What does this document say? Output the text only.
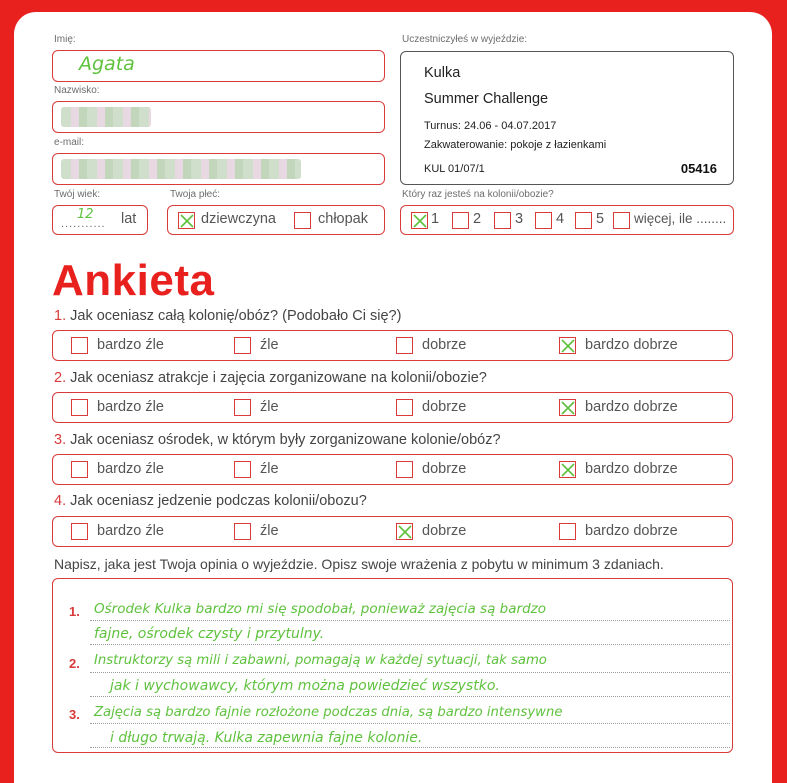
Imię:
Agata
Nazwisko:
e-mail:
Twój wiek:
...........
12 lat
Twoja płeć:
dziewczyna	chłopak
Uczestniczyłeś w wyjeździe:
Kulka
Summer Challenge
Turnus: 24.06 - 04.07.2017
Zakwaterowanie: pokoje z łazienkami
KUL 01/07/1	05416
Który raz jesteś na kolonii/obozie?
1 2 3 4 5 więcej, ile ........
Ankieta
1. Jak oceniasz całą kolonię/obóz? (Podobało Ci się?)
bardzo źle	źle	dobrze	bardzo dobrze
2. Jak oceniasz atrakcje i zajęcia zorganizowane na kolonii/obozie?
bardzo źle	źle	dobrze	bardzo dobrze
3. Jak oceniasz ośrodek, w którym były zorganizowane kolonie/obóz?
bardzo źle	źle	dobrze	bardzo dobrze
4. Jak oceniasz jedzenie podczas kolonii/obozu?
bardzo źle	źle	dobrze	bardzo dobrze
Napisz, jaka jest Twoja opinia o wyjeździe. Opisz swoje wrażenia z pobytu w minimum 3 zdaniach.
1.
2.
3.
Ośrodek Kulka bardzo mi się spodobał, ponieważ zajęcia są bardzo
fajne, ośrodek czysty i przytulny.
Instruktorzy są mili i zabawni, pomagają w każdej sytuacji, tak samo
jak i wychowawcy, którym można powiedzieć wszystko.
Zajęcia są bardzo fajnie rozłożone podczas dnia, są bardzo intensywne
i długo trwają. Kulka zapewnia fajne kolonie.
